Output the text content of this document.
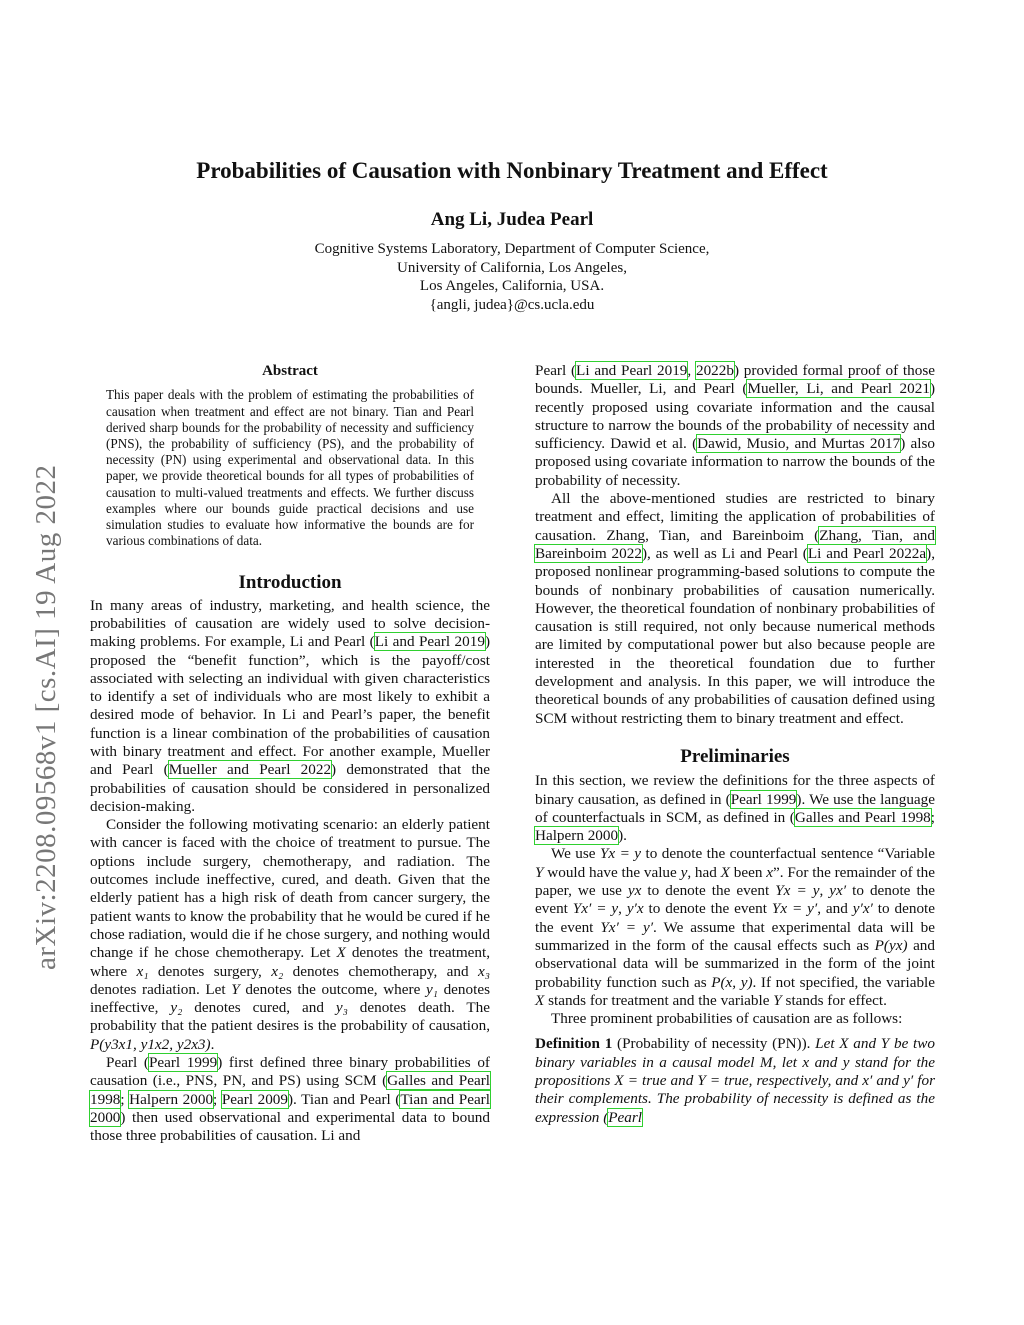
arXiv:2208.09568v1 [cs.AI] 19 Aug 2022
Probabilities of Causation with Nonbinary Treatment and Effect
Ang Li, Judea Pearl
Cognitive Systems Laboratory, Department of Computer Science,
University of California, Los Angeles,
Los Angeles, California, USA.
{angli, judea}@cs.ucla.edu
Abstract
This paper deals with the problem of estimating the probabilities of causation when treatment and effect are not binary. Tian and Pearl derived sharp bounds for the probability of necessity and sufficiency (PNS), the probability of sufficiency (PS), and the probability of necessity (PN) using experimental and observational data. In this paper, we provide theoretical bounds for all types of probabilities of causation to multi-valued treatments and effects. We further discuss examples where our bounds guide practical decisions and use simulation studies to evaluate how informative the bounds are for various combinations of data.
Introduction

In many areas of industry, marketing, and health science, the probabilities of causation are widely used to solve decision-making problems. For example, Li and Pearl (Li and Pearl 2019) proposed the “benefit function”, which is the payoff/cost associated with selecting an individual with given characteristics to identify a set of individuals who are most likely to exhibit a desired mode of behavior. In Li and Pearl’s paper, the benefit function is a linear combination of the probabilities of causation with binary treatment and effect. For another example, Mueller and Pearl (Mueller and Pearl 2022) demonstrated that the probabilities of causation should be considered in personalized decision-making.

Consider the following motivating scenario: an elderly patient with cancer is faced with the choice of treatment to pursue. The options include surgery, chemotherapy, and radiation. The outcomes include ineffective, cured, and death. Given that the elderly patient has a high risk of death from cancer surgery, the patient wants to know the probability that he would be cured if he chose radiation, would die if he chose surgery, and nothing would change if he chose chemotherapy. Let X denotes the treatment, where x₁ denotes surgery, x₂ denotes chemotherapy, and x₃ denotes radiation. Let Y denotes the outcome, where y₁ denotes ineffective, y₂ denotes cured, and y₃ denotes death. The probability that the patient desires is the probability of causation, P(y3x1, y1x2, y2x3).

Pearl (Pearl 1999) first defined three binary probabilities of causation (i.e., PNS, PN, and PS) using SCM (Galles and Pearl 1998; Halpern 2000; Pearl 2009). Tian and Pearl (Tian and Pearl 2000) then used observational and experimental data to bound those three probabilities of causation. Li and

Pearl (Li and Pearl 2019, 2022b) provided formal proof of those bounds. Mueller, Li, and Pearl (Mueller, Li, and Pearl 2021) recently proposed using covariate information and the causal structure to narrow the bounds of the probability of necessity and sufficiency. Dawid et al. (Dawid, Musio, and Murtas 2017) also proposed using covariate information to narrow the bounds of the probability of necessity.

All the above-mentioned studies are restricted to binary treatment and effect, limiting the application of probabilities of causation. Zhang, Tian, and Bareinboim (Zhang, Tian, and Bareinboim 2022), as well as Li and Pearl (Li and Pearl 2022a), proposed nonlinear programming-based solutions to compute the bounds of nonbinary probabilities of causation numerically. However, the theoretical foundation of nonbinary probabilities of causation is still required, not only because numerical methods are limited by computational power but also because people are interested in the theoretical foundation due to further development and analysis. In this paper, we will introduce the theoretical bounds of any probabilities of causation defined using SCM without restricting them to binary treatment and effect.

Preliminaries

In this section, we review the definitions for the three aspects of binary causation, as defined in (Pearl 1999). We use the language of counterfactuals in SCM, as defined in (Galles and Pearl 1998; Halpern 2000).

We use Yx = y to denote the counterfactual sentence “Variable Y would have the value y, had X been x”. For the remainder of the paper, we use yx to denote the event Yx = y, yx′ to denote the event Yx′ = y, y′x to denote the event Yx = y′, and y′x′ to denote the event Yx′ = y′. We assume that experimental data will be summarized in the form of the causal effects such as P(yx) and observational data will be summarized in the form of the joint probability function such as P(x, y). If not specified, the variable X stands for treatment and the variable Y stands for effect.

Three prominent probabilities of causation are as follows:

Definition 1 (Probability of necessity (PN)). Let X and Y be two binary variables in a causal model M, let x and y stand for the propositions X = true and Y = true, respectively, and x′ and y′ for their complements. The probability of necessity is defined as the expression (Pearl
